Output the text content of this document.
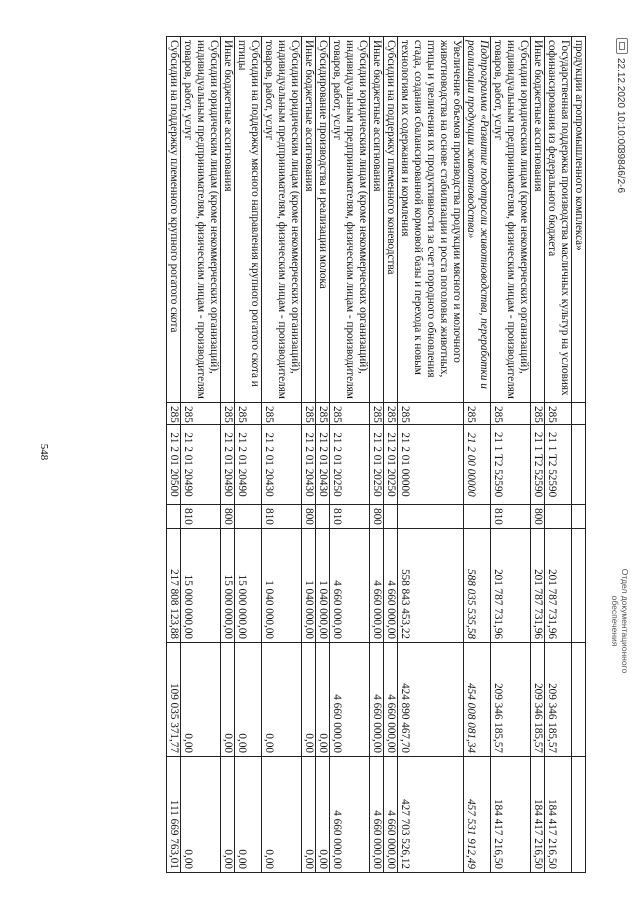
548
продукции агропромышленного комплекса»						
Государственная поддержка производства масличных культур на условиях софинансирования из федерального бюджета	285	21 1 T2 52590		201 787 731,96	209 346 185,57	184 417 216,50
Иные бюджетные ассигнования	285	21 1 T2 52590	800	201 787 731,96	209 346 185,57	184 417 216,50
Субсидии юридическим лицам (кроме некоммерческих организаций), индивидуальным предпринимателям, физическим лицам - производителям товаров, работ, услуг	285	21 1 T2 52590	810	201 787 731,96	209 346 185,57	184 417 216,50
Подпрограмма «Развитие подотрасли животноводства, переработки и реализации продукции животноводства»	285	21 2 00 00000		588 035 535,58	454 008 081,34	457 531 912,49
Увеличение объемов производства продукции мясного и молочного животноводства на основе стабилизации и роста поголовья животных, птицы и увеличения их продуктивности за счет породного обновления стада, создания сбалансированной кормовой базы и перехода к новым технологиям их содержания и кормления	285	21 2 01 00000		558 843 453,22	424 890 467,70	427 703 526,12
Субсидии на поддержку племенного коневодства	285	21 2 01 20250		4 660 000,00	4 660 000,00	4 660 000,00
Иные бюджетные ассигнования	285	21 2 01 20250	800	4 660 000,00	4 660 000,00	4 660 000,00
Субсидии юридическим лицам (кроме некоммерческих организаций), индивидуальным предпринимателям, физическим лицам - производителям товаров, работ, услуг	285	21 2 01 20250	810	4 660 000,00	4 660 000,00	4 660 000,00
Субсидирование производства и реализации молока	285	21 2 01 20430		1 040 000,00	0,00	0,00
Иные бюджетные ассигнования	285	21 2 01 20430	800	1 040 000,00	0,00	0,00
Субсидии юридическим лицам (кроме некоммерческих организаций), индивидуальным предпринимателям, физическим лицам - производителям товаров, работ, услуг	285	21 2 01 20430	810	1 040 000,00	0,00	0,00
Субсидии на поддержку мясного направления крупного рогатого скота и птицы	285	21 2 01 20490		15 000 000,00	0,00	0,00
Иные бюджетные ассигнования	285	21 2 01 20490	800	15 000 000,00	0,00	0,00
Субсидии юридическим лицам (кроме некоммерческих организаций), индивидуальным предпринимателям, физическим лицам - производителям товаров, работ, услуг	285	21 2 01 20490	810	15 000 000,00	0,00	0,00
Субсидии на поддержку племенного крупного рогатого скота	285	21 2 01 20500		217 808 123,88	109 035 371,77	111 669 763,01
22.12.2020 10:10:00
39846/2-6
Отдел документационного обеспечения
